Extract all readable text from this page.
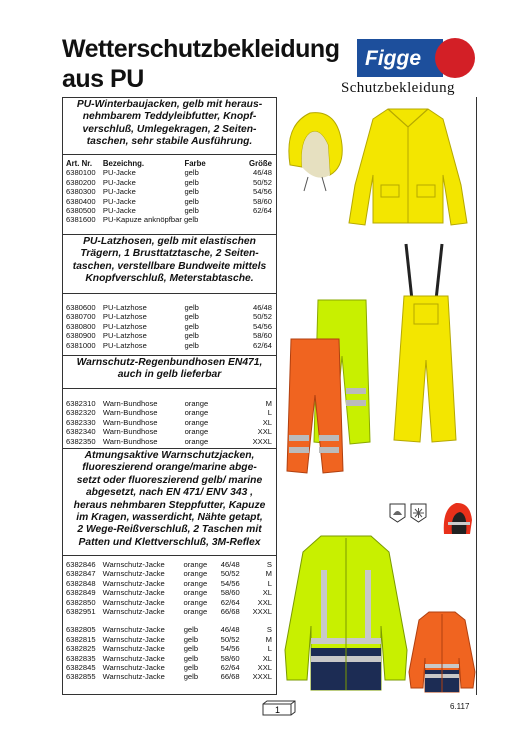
Wetterschutzbekleidung
aus PU
Figge
Schutzbekleidung
PU-Winterbaujacken, gelb mit heraus-
nehmbarem Teddyleibfutter, Knopf-
verschluß, Umlegekragen, 2 Seiten-
taschen, sehr stabile Ausführung.
Art. Nr.	Bezeichng.	Farbe	Größe
6380100	PU-Jacke	gelb	46/48
6380200	PU-Jacke	gelb	50/52
6380300	PU-Jacke	gelb	54/56
6380400	PU-Jacke	gelb	58/60
6380500	PU-Jacke	gelb	62/64
6381600	PU-Kapuze anknöpfbar gelb		
PU-Latzhosen, gelb mit elastischen
Trägern, 1 Brusttatztasche, 2 Seiten-
taschen, verstellbare Bundweite mittels
Knopfverschluß, Meterstabtasche.
6380600	PU-Latzhose	gelb	46/48
6380700	PU-Latzhose	gelb	50/52
6380800	PU-Latzhose	gelb	54/56
6380900	PU-Latzhose	gelb	58/60
6381000	PU-Latzhose	gelb	62/64
Warnschutz-Regenbundhosen EN471,
auch in gelb lieferbar
6382310	Warn-Bundhose	orange	M
6382320	Warn-Bundhose	orange	L
6382330	Warn-Bundhose	orange	XL
6382340	Warn-Bundhose	orange	XXL
6382350	Warn-Bundhose	orange	XXXL
Atmungsaktive Warnschutzjacken,
fluoreszierend orange/marine abge-
setzt oder fluoreszierend gelb/ marine
abgesetzt, nach EN 471/ ENV 343 ,
heraus nehmbaren Steppfutter, Kapuze
im Kragen, wasserdicht, Nähte getapt,
2 Wege-Reißverschluß, 2 Taschen mit
Patten und Klettverschluß, 3M-Reflex
6382846	Warnschutz-Jacke	orange	46/48	S
6382847	Warnschutz-Jacke	orange	50/52	M
6382848	Warnschutz-Jacke	orange	54/56	L
6382849	Warnschutz-Jacke	orange	58/60	XL
6382850	Warnschutz-Jacke	orange	62/64	XXL
6382951	Warnschutz-Jacke	orange	66/68	XXXL
6382805	Warnschutz-Jacke	gelb	46/48	S
6382815	Warnschutz-Jacke	gelb	50/52	M
6382825	Warnschutz-Jacke	gelb	54/56	L
6382835	Warnschutz-Jacke	gelb	58/60	XL
6382845	Warnschutz-Jacke	gelb	62/64	XXL
6382855	Warnschutz-Jacke	gelb	66/68	XXXL
1	6.117
